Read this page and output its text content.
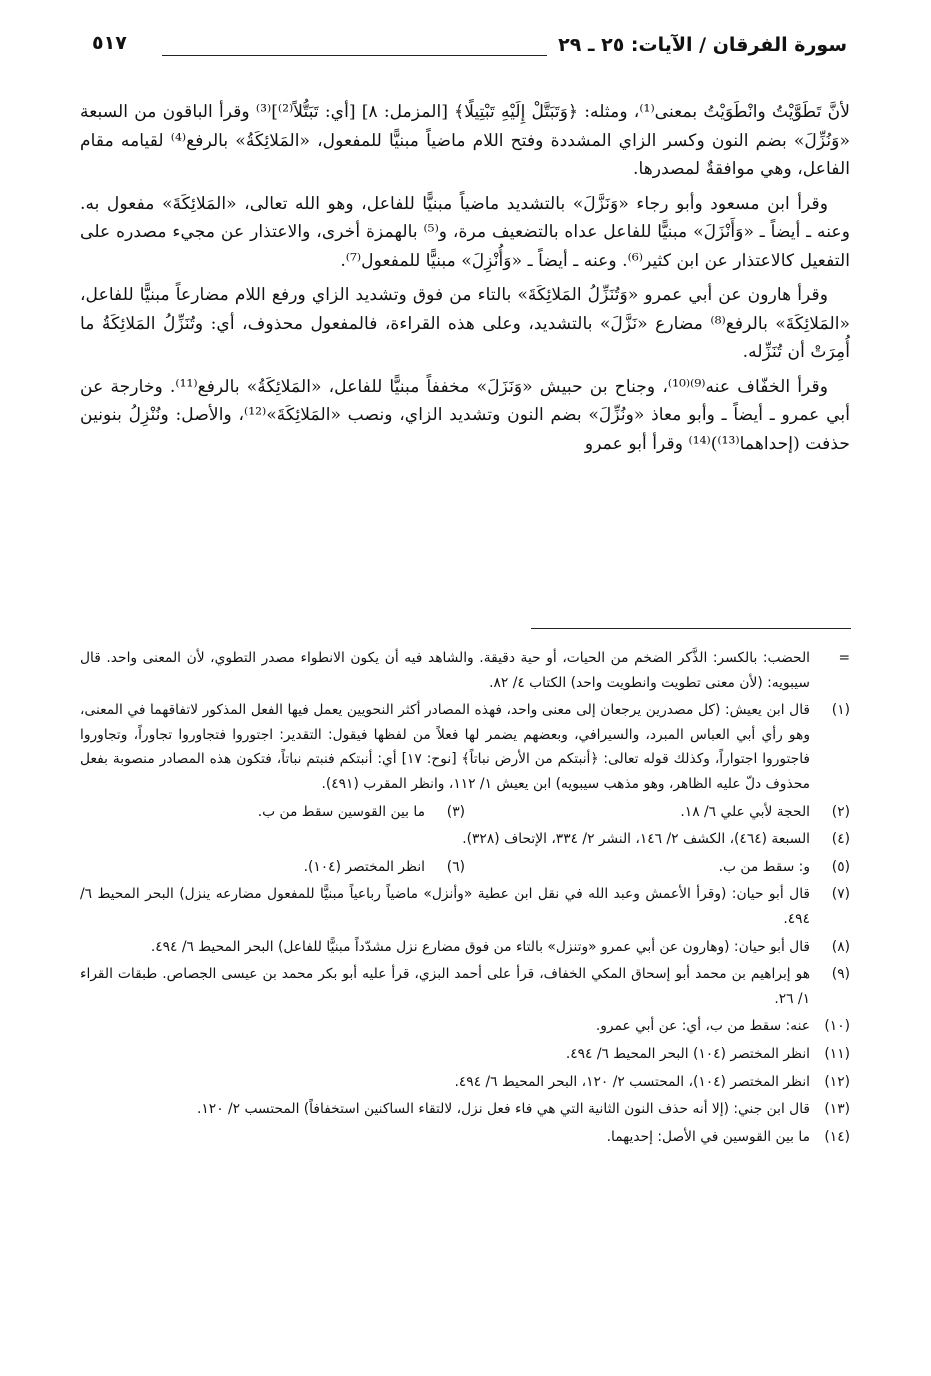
سورة الفرقان / الآيات: ٢٥ ـ ٢٩
٥١٧

لأنَّ تَطَوَّيْتُ وانْطَوَيْتُ بمعنى⁽¹⁾، ومثله: ﴿وَتَبَتَّلْ إِلَيْهِ تَبْتِيلًا﴾ [المزمل: ٨] [أي: تَبَتُّلاً⁽²⁾]⁽³⁾ وقرأ الباقون من السبعة «وَنُزِّلَ» بضم النون وكسر الزاي المشددة وفتح اللام ماضياً مبنيًّا للمفعول، «المَلائِكَةُ» بالرفع⁽⁴⁾ لقيامه مقام الفاعل، وهي موافقةٌ لمصدرها.

وقرأ ابن مسعود وأبو رجاء «وَنَزَّلَ» بالتشديد ماضياً مبنيًّا للفاعل، وهو الله تعالى، «المَلائِكَةَ» مفعول به. وعنه ـ أيضاً ـ «وَأَنْزَلَ» مبنيًّا للفاعل عداه بالتضعيف مرة، و⁽⁵⁾ بالهمزة أخرى، والاعتذار عن مجيء مصدره على التفعيل كالاعتذار عن ابن كثير⁽⁶⁾. وعنه ـ أيضاً ـ «وَأُنْزِلَ» مبنيًّا للمفعول⁽⁷⁾.

وقرأ هارون عن أبي عمرو «وَتُنَزِّلُ المَلائِكَةَ» بالتاء من فوق وتشديد الزاي ورفع اللام مضارعاً مبنيًّا للفاعل، «المَلائِكَةَ» بالرفع⁽⁸⁾ مضارع «نَزَّلَ» بالتشديد، وعلى هذه القراءة، فالمفعول محذوف، أي: وتُنَزِّلُ المَلائِكَةُ ما أُمِرَتْ أن تُنَزِّله.

وقرأ الخفّاف عنه⁽⁹⁾⁽¹⁰⁾، وجناح بن حبيش «وَنَزَلَ» مخففاً مبنيًّا للفاعل، «المَلائِكَةُ» بالرفع⁽¹¹⁾. وخارجة عن أبي عمرو ـ أيضاً ـ وأبو معاذ «ونُزِّلَ» بضم النون وتشديد الزاي، ونصب «المَلائِكَةَ»⁽¹²⁾، والأصل: ونُنْزِلُ بنونين حذفت (إحداهما⁽¹³⁾)⁽¹⁴⁾ وقرأ أبو عمرو

=
الحضب: بالكسر: الذَّكر الضخم من الحيات، أو حية دقيقة. والشاهد فيه أن يكون الانطواء مصدر التطوي، لأن المعنى واحد. قال سيبويه: (لأن معنى تطويت وانطويت واحد) الكتاب ٤/ ٨٢.
(١)
قال ابن يعيش: (كل مصدرين يرجعان إلى معنى واحد، فهذه المصادر أكثر النحويين يعمل فيها الفعل المذكور لاتفاقهما في المعنى، وهو رأي أبي العباس المبرد، والسيرافي، وبعضهم يضمر لها فعلاً من لفظها فيقول: التقدير: اجتوروا فتجاوروا تجاوراً، وتجاوروا فاجتوروا اجتواراً، وكذلك قوله تعالى: ﴿أنبتكم من الأرض نباتاً﴾ [نوح: ١٧] أي: أنبتكم فنبتم نباتاً، فتكون هذه المصادر منصوبة بفعل محذوف دلّ عليه الظاهر، وهو مذهب سيبويه) ابن يعيش ١/ ١١٢، وانظر المقرب (٤٩١).
(٢)
الحجة لأبي علي ٦/ ١٨.
(٣)
ما بين القوسين سقط من ب.
(٤)
السبعة (٤٦٤)، الكشف ٢/ ١٤٦، النشر ٢/ ٣٣٤، الإتحاف (٣٢٨).
(٥)
و: سقط من ب.
(٦)
انظر المختصر (١٠٤).
(٧)
قال أبو حيان: (وقرأ الأعمش وعبد الله في نقل ابن عطية «وأنزل» ماضياً رباعياً مبنيًّا للمفعول مضارعه ينزل) البحر المحيط ٦/ ٤٩٤.
(٨)
قال أبو حيان: (وهارون عن أبي عمرو «وتنزل» بالتاء من فوق مضارع نزل مشدّداً مبنيًّا للفاعل) البحر المحيط ٦/ ٤٩٤.
(٩)
هو إبراهيم بن محمد أبو إسحاق المكي الخفاف، قرأ على أحمد البزي، قرأ عليه أبو بكر محمد بن عيسى الجصاص. طبقات القراء ١/ ٢٦.
(١٠)
عنه: سقط من ب، أي: عن أبي عمرو.
(١١)
انظر المختصر (١٠٤) البحر المحيط ٦/ ٤٩٤.
(١٢)
انظر المختصر (١٠٤)، المحتسب ٢/ ١٢٠، البحر المحيط ٦/ ٤٩٤.
(١٣)
قال ابن جني: (إلا أنه حذف النون الثانية التي هي فاء فعل نزل، لالتقاء الساكنين استخفافاً) المحتسب ٢/ ١٢٠.
(١٤)
ما بين القوسين في الأصل: إحديهما.
